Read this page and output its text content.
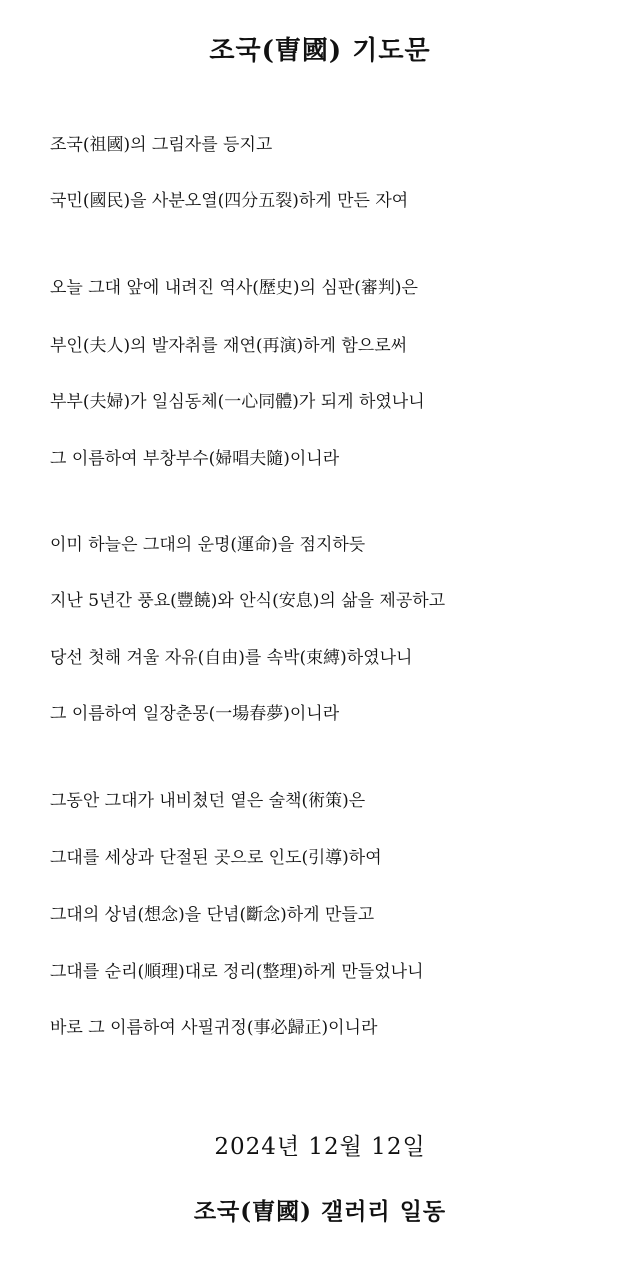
조국(曺國) 기도문
조국(祖國)의 그림자를 등지고
국민(國民)을 사분오열(四分五裂)하게 만든 자여
오늘 그대 앞에 내려진 역사(歷史)의 심판(審判)은
부인(夫人)의 발자취를 재연(再演)하게 함으로써
부부(夫婦)가 일심동체(一心同體)가 되게 하였나니
그 이름하여 부창부수(婦唱夫隨)이니라
이미 하늘은 그대의 운명(運命)을 점지하듯
지난 5년간 풍요(豐饒)와 안식(安息)의 삶을 제공하고
당선 첫해 겨울 자유(自由)를 속박(束縛)하였나니
그 이름하여 일장춘몽(一場春夢)이니라
그동안 그대가 내비쳤던 옅은 술책(術策)은
그대를 세상과 단절된 곳으로 인도(引導)하여
그대의 상념(想念)을 단념(斷念)하게 만들고
그대를 순리(順理)대로 정리(整理)하게 만들었나니
바로 그 이름하여 사필귀정(事必歸正)이니라
2024년 12월 12일
조국(曺國) 갤러리 일동
